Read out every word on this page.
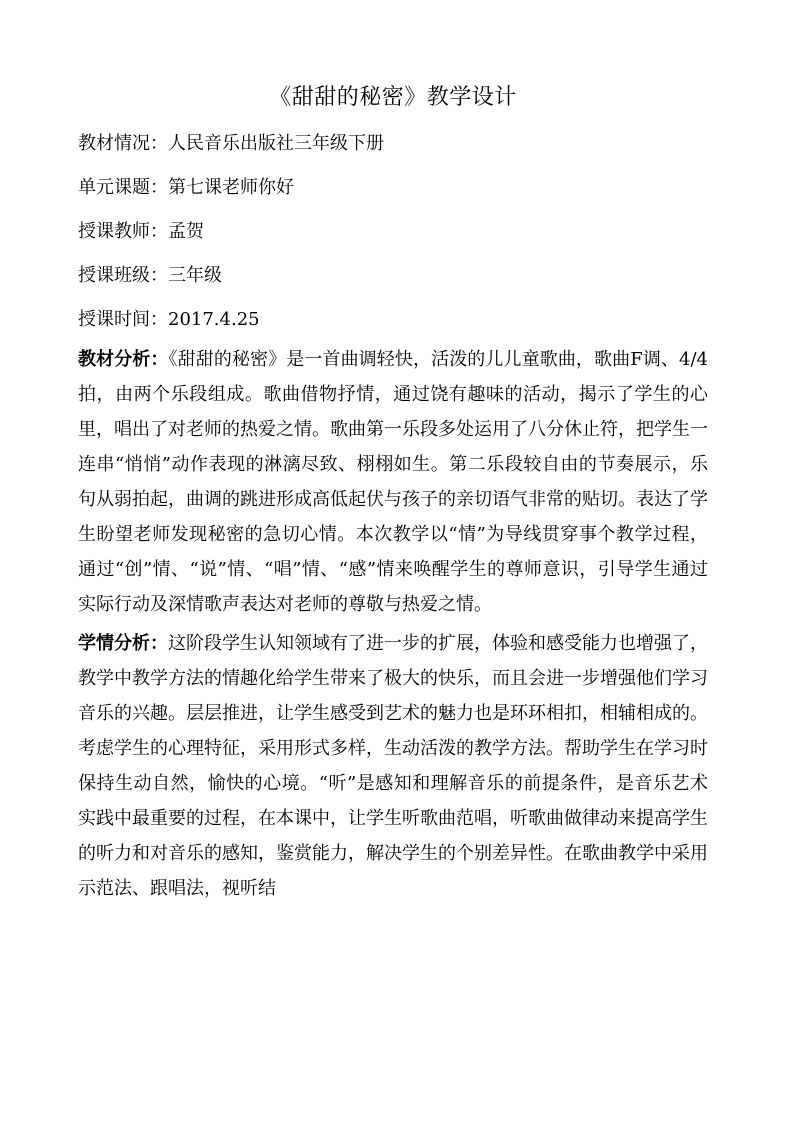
《甜甜的秘密》教学设计
教材情况：人民音乐出版社三年级下册
单元课题：第七课老师你好
授课教师：孟贺
授课班级：三年级
授课时间：2017.4.25

教材分析：《甜甜的秘密》是一首曲调轻快，活泼的儿儿童歌曲，歌曲F调、4/4拍，由两个乐段组成。歌曲借物抒情，通过饶有趣味的活动，揭示了学生的心里，唱出了对老师的热爱之情。歌曲第一乐段多处运用了八分休止符，把学生一连串“悄悄”动作表现的淋漓尽致、栩栩如生。第二乐段较自由的节奏展示，乐句从弱拍起，曲调的跳进形成高低起伏与孩子的亲切语气非常的贴切。表达了学生盼望老师发现秘密的急切心情。本次教学以“情”为导线贯穿事个教学过程，通过“创”情、“说”情、“唱”情、“感”情来唤醒学生的尊师意识，引导学生通过实际行动及深情歌声表达对老师的尊敬与热爱之情。

学情分析：这阶段学生认知领域有了进一步的扩展，体验和感受能力也增强了，教学中教学方法的情趣化给学生带来了极大的快乐，而且会进一步增强他们学习音乐的兴趣。层层推进，让学生感受到艺术的魅力也是环环相扣，相辅相成的。考虑学生的心理特征，采用形式多样，生动活泼的教学方法。帮助学生在学习时保持生动自然，愉快的心境。“听”是感知和理解音乐的前提条件，是音乐艺术实践中最重要的过程，在本课中，让学生听歌曲范唱，听歌曲做律动来提高学生的听力和对音乐的感知，鉴赏能力，解决学生的个别差异性。在歌曲教学中采用示范法、跟唱法，视听结
